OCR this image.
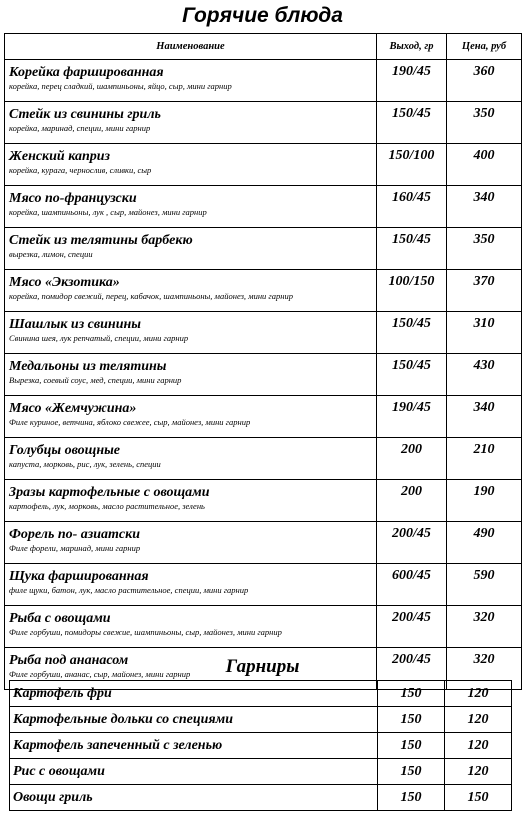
Горячие блюда
Наименование	Выход, гр	Цена, руб

Корейка фаршированная
корейка, перец сладкий, шампиньоны, яйцо, сыр, мини гарнир	190/45	360

Стейк из свинины гриль
корейка, маринад, специи, мини гарнир	150/45	350

Женский каприз
корейка, курага, чернослив, сливки, сыр	150/100	400

Мясо по-французски
корейка, шампиньоны, лук , сыр, майонез, мини гарнир	160/45	340

Стейк из телятины барбекю
вырезка, лимон, специи	150/45	350

Мясо «Экзотика»
корейка, помидор свежий, перец, кабачок, шампиньоны, майонез, мини гарнир	100/150	370

Шашлык из свинины
Свинина шея, лук репчатый, специи, мини гарнир	150/45	310

Медальоны из телятины
Вырезка, соевый соус, мед, специи, мини гарнир	150/45	430

Мясо «Жемчужина»
Филе куриное, ветчина, яблоко свежее, сыр, майонез, мини гарнир	190/45	340

Голубцы овощные
капуста, морковь, рис, лук, зелень, специи	200	210

Зразы картофельные с овощами
картофель, лук, морковь, масло растительное, зелень	200	190

Форель по- азиатски
Филе форели, маринад, мини гарнир	200/45	490

Щука фаршированная
филе щуки, батон, лук, масло растительное, специи, мини гарнир	600/45	590

Рыба с овощами
Филе горбуши, помидоры свежие, шампиньоны, сыр, майонез, мини гарнир	200/45	320

Рыба под ананасом
Филе горбуши, ананас, сыр, майонез, мини гарнир	200/45	320
Гарниры
Картофель фри	150	120
Картофельные дольки со специями	150	120
Картофель запеченный с зеленью	150	120
Рис с овощами	150	120
Овощи гриль	150	150
